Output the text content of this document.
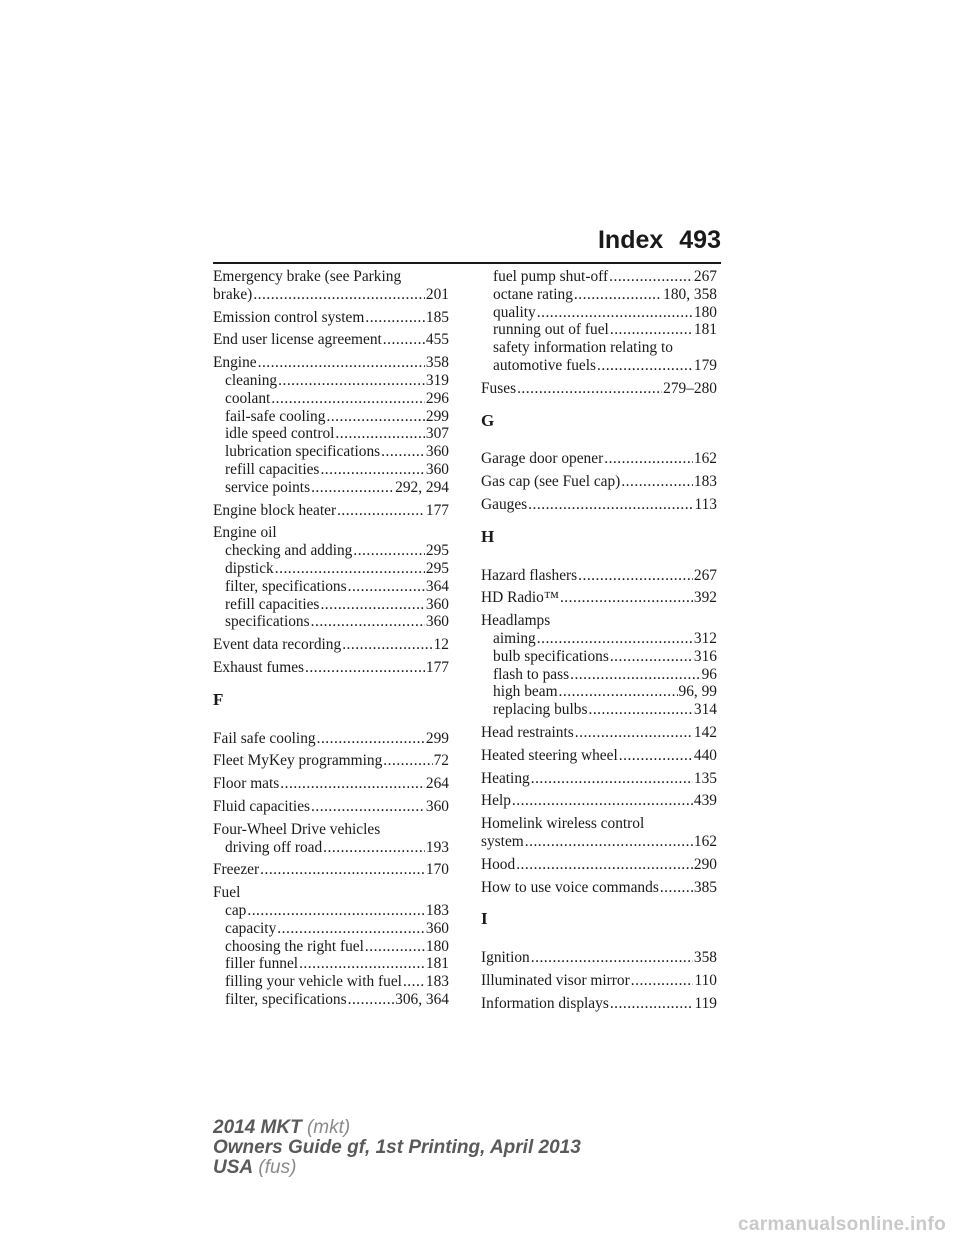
Index 493
Emergency brake (see Parking
brake) .....	201
Emission control system .....	185
End user license agreement .....	455
Engine .....	358
cleaning .....	319
coolant .....	296
fail-safe cooling .....	299
idle speed control .....	307
lubrication specifications .....	360
refill capacities .....	360
service points .....	292, 294
Engine block heater .....	177
Engine oil
checking and adding .....	295
dipstick .....	295
filter, specifications .....	364
refill capacities .....	360
specifications .....	360
Event data recording .....	12
Exhaust fumes .....	177
F
Fail safe cooling .....	299
Fleet MyKey programming .....	72
Floor mats .....	264
Fluid capacities .....	360
Four-Wheel Drive vehicles
driving off road .....	193
Freezer .....	170
Fuel
cap .....	183
capacity .....	360
choosing the right fuel .....	180
filler funnel .....	181
filling your vehicle with fuel ..... 183
filter, specifications .....	306, 364
fuel pump shut-off .....	267
octane rating .....	180, 358
quality .....	180
running out of fuel .....	181
safety information relating to
automotive fuels .....	179
Fuses .....	279–280
G
Garage door opener .....	162
Gas cap (see Fuel cap) .....	183
Gauges .....	113
H
Hazard flashers .....	267
HD Radio™ .....	392
Headlamps
aiming .....	312
bulb specifications .....	316
flash to pass .....	96
high beam .....	96, 99
replacing bulbs .....	314
Head restraints .....	142
Heated steering wheel .....	440
Heating .....	135
Help .....	439
Homelink wireless control
system .....	162
Hood .....	290
How to use voice commands ..... 385
I
Ignition .....	358
Illuminated visor mirror .....	110
Information displays .....	119
2014 MKT (mkt)
Owners Guide gf, 1st Printing, April 2013
USA (fus)
carmanualsonline.info
